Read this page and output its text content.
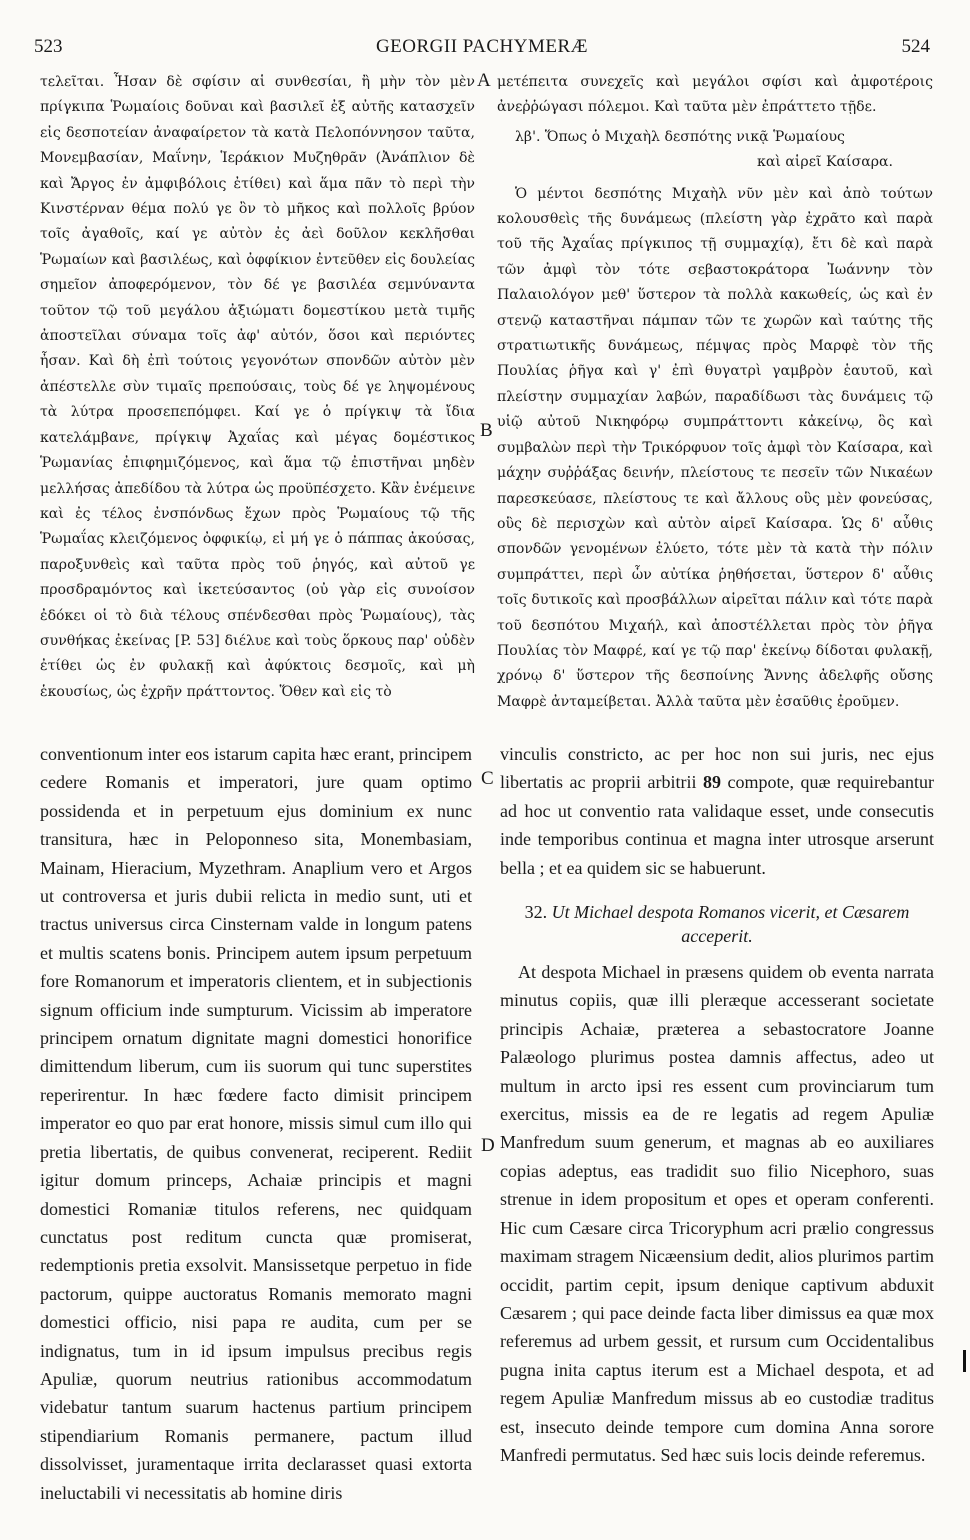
523	GEORGII PACHYMERÆ	524
τελεῖται. Ἦσαν δὲ σφίσιν αἱ συνθεσίαι, ἢ μὴν τὸν μὲν πρίγκιπα Ῥωμαίοις δοῦναι καὶ βασιλεῖ ἐξ αὐτῆς κατασχεῖν εἰς δεσποτείαν ἀναφαίρετον τὰ κατὰ Πελοπόννησον ταῦτα, Μονεμβασίαν, Μαΐνην, Ἱεράκιον Μυζηθρᾶν (Ἀνάπλιον δὲ καὶ Ἄργος ἐν ἀμφιβόλοις ἐτίθει) καὶ ἅμα πᾶν τὸ περὶ τὴν Κινστέρναν θέμα πολύ γε ὂν τὸ μῆκος καὶ πολλοῖς βρύον τοῖς ἀγαθοῖς, καί γε αὐτὸν ἐς ἀεὶ δοῦλον κεκλῆσθαι Ῥωμαίων καὶ βασιλέως, καὶ ὀφφίκιον ἐντεῦθεν εἰς δουλείας σημεῖον ἀποφερόμενον, τὸν δέ γε βασιλέα σεμνύναντα τοῦτον τῷ τοῦ μεγάλου ἀξιώματι δομεστίκου μετὰ τιμῆς ἀποστεῖλαι σύναμα τοῖς ἀφ' αὐτόν, ὅσοι καὶ περιόντες ἦσαν. Καὶ δὴ ἐπὶ τούτοις γεγονότων σπονδῶν αὐτὸν μὲν ἀπέστελλε σὺν τιμαῖς πρεπούσαις, τοὺς δέ γε ληψομένους τὰ λύτρα προσεπεπόμφει. Καί γε ὁ πρίγκιψ τὰ ἴδια κατελάμβανε, πρίγκιψ Ἀχαΐας καὶ μέγας δομέστικος Ῥωμανίας ἐπιφημιζόμενος, καὶ ἅμα τῷ ἐπιστῆναι μηδὲν μελλήσας ἀπεδίδου τὰ λύτρα ὡς προϋπέσχετο. Κἂν ἐνέμεινε καὶ ἐς τέλος ἐνσπόνδως ἔχων πρὸς Ῥωμαίους τῷ τῆς Ῥωμαΐας κλειζόμενος ὀφφικίῳ, εἰ μή γε ὁ πάππας ἀκούσας, παροξυνθεὶς καὶ ταῦτα πρὸς τοῦ ῥηγός, καὶ αὐτοῦ γε προσδραμόντος καὶ ἱκετεύσαντος (οὐ γὰρ εἰς συνοίσον ἐδόκει οἱ τὸ διὰ τέλους σπένδεσθαι πρὸς Ῥωμαίους), τὰς συνθήκας ἐκείνας [P. 53] διέλυε καὶ τοὺς ὅρκους παρ' οὐδὲν ἐτίθει ὡς ἐν φυλακῇ καὶ ἀφύκτοις δεσμοῖς, καὶ μὴ ἑκουσίως, ὡς ἐχρῆν πράττοντος. Ὅθεν καὶ εἰς τὸ
μετέπειτα συνεχεῖς καὶ μεγάλοι σφίσι καὶ ἀμφοτέροις ἀνεῤῥώγασι πόλεμοι. Καὶ ταῦτα μὲν ἐπράττετο τῇδε.
λβ'. Ὅπως ὁ Μιχαὴλ δεσπότης νικᾷ Ῥωμαίους
καὶ αἱρεῖ Καίσαρα.
Ὁ μέντοι δεσπότης Μιχαὴλ νῦν μὲν καὶ ἀπὸ τούτων κολουσθεὶς τῆς δυνάμεως (πλείστη γὰρ ἐχρᾶτο καὶ παρὰ τοῦ τῆς Ἀχαΐας πρίγκιπος τῇ συμμαχίᾳ), ἔτι δὲ καὶ παρὰ τῶν ἀμφὶ τὸν τότε σεβαστοκράτορα Ἰωάννην τὸν Παλαιολόγον μεθ' ὕστερον τὰ πολλὰ κακωθείς, ὡς καὶ ἐν στενῷ καταστῆναι πάμπαν τῶν τε χωρῶν καὶ ταύτης τῆς στρατιωτικῆς δυνάμεως, πέμψας πρὸς Μαρφὲ τὸν τῆς Πουλίας ῥῆγα καὶ γ' ἐπὶ θυγατρὶ γαμβρὸν ἑαυτοῦ, καὶ πλείστην συμμαχίαν λαβών, παραδίδωσι τὰς δυνάμεις τῷ υἱῷ αὐτοῦ Νικηφόρῳ συμπράττοντι κἀκείνῳ, ὃς καὶ συμβαλὼν περὶ τὴν Τρικόρφυον τοῖς ἀμφὶ τὸν Καίσαρα, καὶ μάχην συῤῥάξας δεινήν, πλείστους τε πεσεῖν τῶν Νικαέων παρεσκεύασε, πλείστους τε καὶ ἄλλους οὓς μὲν φονεύσας, οὓς δὲ περισχὼν καὶ αὐτὸν αἱρεῖ Καίσαρα. Ὡς δ' αὖθις σπονδῶν γενομένων ἐλύετο, τότε μὲν τὰ κατὰ τὴν πόλιν συμπράττει, περὶ ὧν αὐτίκα ῥηθήσεται, ὕστερον δ' αὖθις τοῖς δυτικοῖς καὶ προσβάλλων αἱρεῖται πάλιν καὶ τότε παρὰ τοῦ δεσπότου Μιχαήλ, καὶ ἀποστέλλεται πρὸς τὸν ῥῆγα Πουλίας τὸν Μαφρέ, καί γε τῷ παρ' ἐκείνῳ δίδοται φυλακῇ, χρόνῳ δ' ὕστερον τῆς δεσποίνης Ἄννης ἀδελφῆς οὔσης Μαφρὲ ἀνταμείβεται. Ἀλλὰ ταῦτα μὲν ἐσαῦθις ἐροῦμεν.
conventionum inter eos istarum capita hæc erant, principem cedere Romanis et imperatori, jure quam optimo possidenda et in perpetuum ejus dominium ex nunc transitura, hæc in Peloponneso sita, Monembasiam, Mainam, Hieracium, Myzethram. Anaplium vero et Argos ut controversa et juris dubii relicta in medio sunt, uti et tractus universus circa Cinsternam valde in longum patens et multis scatens bonis. Principem autem ipsum perpetuum fore Romanorum et imperatoris clientem, et in subjectionis signum officium inde sumpturum. Vicissim ab imperatore principem ornatum dignitate magni domestici honorifice dimittendum liberum, cum iis suorum qui tunc superstites reperirentur. In hæc fœdere facto dimisit principem imperator eo quo par erat honore, missis simul cum illo qui pretia libertatis, de quibus convenerat, reciperent. Rediit igitur domum princeps, Achaiæ principis et magni domestici Romaniæ titulos referens, nec quidquam cunctatus post reditum cuncta quæ promiserat, redemptionis pretia exsolvit. Mansissetque perpetuo in fide pactorum, quippe auctoratus Romanis memorato magni domestici officio, nisi papa re audita, cum per se indignatus, tum in id ipsum impulsus precibus regis Apuliæ, quorum neutrius rationibus accommodatum videbatur tantum suarum hactenus partium principem stipendiarium Romanis permanere, pactum illud dissolvisset, juramentaque irrita declarasset quasi extorta ineluctabili vi necessitatis ab homine diris
vinculis constricto, ac per hoc non sui juris, nec ejus libertatis ac proprii arbitrii 89 compote, quæ requirebantur ad hoc ut conventio rata validaque esset, unde consecutis inde temporibus continua et magna inter utrosque arserunt bella ; et ea quidem sic se habuerunt.
32. Ut Michael despota Romanos vicerit, et Cæsarem acceperit.
At despota Michael in præsens quidem ob eventa narrata minutus copiis, quæ illi pleræque accesserant societate principis Achaiæ, præterea a sebastocratore Joanne Palæologo plurimus postea damnis affectus, adeo ut multum in arcto ipsi res essent cum provinciarum tum exercitus, missis ea de re legatis ad regem Apuliæ Manfredum suum generum, et magnas ab eo auxiliares copias adeptus, eas tradidit suo filio Nicephoro, suas strenue in idem propositum et opes et operam conferenti. Hic cum Cæsare circa Tricoryphum acri prælio congressus maximam stragem Nicæensium dedit, alios plurimos partim occidit, partim cepit, ipsum denique captivum abduxit Cæsarem ; qui pace deinde facta liber dimissus ea quæ mox referemus ad urbem gessit, et rursum cum Occidentalibus pugna inita captus iterum est a Michael despota, et ad regem Apuliæ Manfredum missus ab eo custodiæ traditus est, insecuto deinde tempore cum domina Anna sorore Manfredi permutatus. Sed hæc suis locis deinde referemus.
A
B
C
D
